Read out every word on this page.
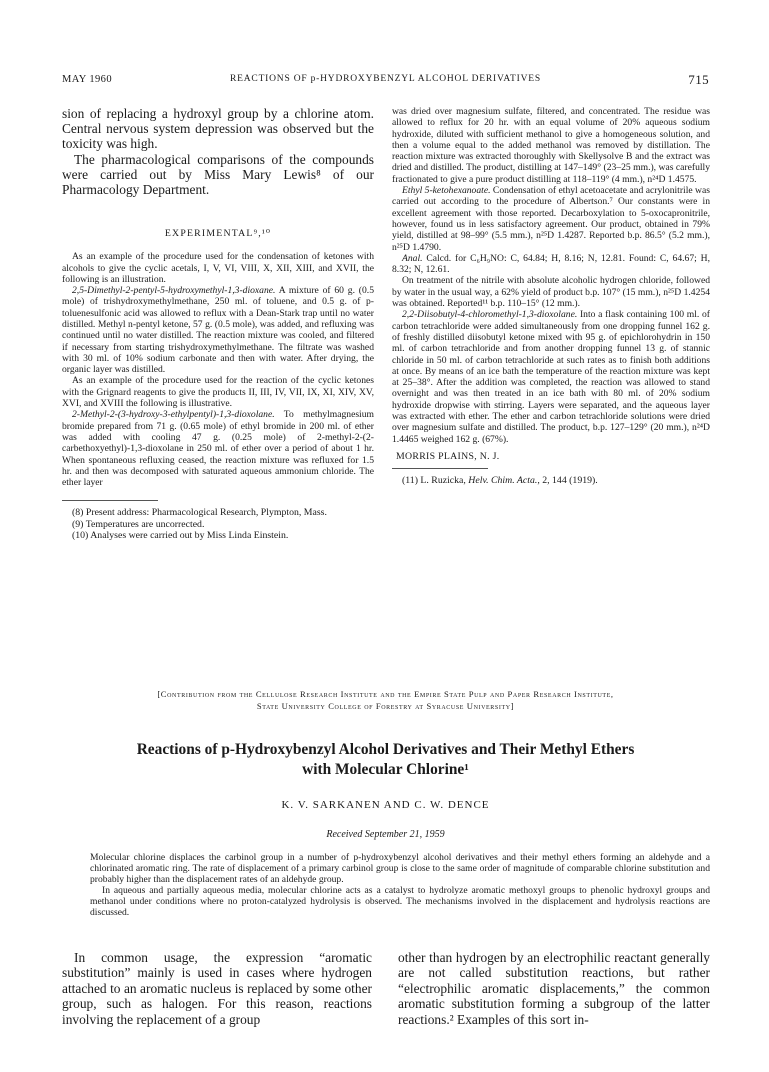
MAY 1960	REACTIONS OF p-HYDROXYBENZYL ALCOHOL DERIVATIVES	715

sion of replacing a hydroxyl group by a chlorine atom. Central nervous system depression was observed but the toxicity was high.

The pharmacological comparisons of the compounds were carried out by Miss Mary Lewis⁸ of our Pharmacology Department.

EXPERIMENTAL⁹,¹⁰

As an example of the procedure used for the condensation of ketones with alcohols to give the cyclic acetals, I, V, VI, VIII, X, XII, XIII, and XVII, the following is an illustration.

2,5-Dimethyl-2-pentyl-5-hydroxymethyl-1,3-dioxane. A mixture of 60 g. (0.5 mole) of trishydroxymethylmethane, 250 ml. of toluene, and 0.5 g. of p-toluenesulfonic acid was allowed to reflux with a Dean-Stark trap until no water distilled. Methyl n-pentyl ketone, 57 g. (0.5 mole), was added, and refluxing was continued until no water distilled. The reaction mixture was cooled, and filtered if necessary from starting trishydroxymethylmethane. The filtrate was washed with 30 ml. of 10% sodium carbonate and then with water. After drying, the organic layer was distilled.

As an example of the procedure used for the reaction of the cyclic ketones with the Grignard reagents to give the products II, III, IV, VII, IX, XI, XIV, XV, XVI, and XVIII the following is illustrative.

2-Methyl-2-(3-hydroxy-3-ethylpentyl)-1,3-dioxolane. To methylmagnesium bromide prepared from 71 g. (0.65 mole) of ethyl bromide in 200 ml. of ether was added with cooling 47 g. (0.25 mole) of 2-methyl-2-(2-carbethoxyethyl)-1,3-dioxolane in 250 ml. of ether over a period of about 1 hr. When spontaneous refluxing ceased, the reaction mixture was refluxed for 1.5 hr. and then was decomposed with saturated aqueous ammonium chloride. The ether layer

(8) Present address: Pharmacological Research, Plympton, Mass.

(9) Temperatures are uncorrected.

(10) Analyses were carried out by Miss Linda Einstein.

was dried over magnesium sulfate, filtered, and concentrated. The residue was allowed to reflux for 20 hr. with an equal volume of 20% aqueous sodium hydroxide, diluted with sufficient methanol to give a homogeneous solution, and then a volume equal to the added methanol was removed by distillation. The reaction mixture was extracted thoroughly with Skellysolve B and the extract was dried and distilled. The product, distilling at 147–149° (23–25 mm.), was carefully fractionated to give a pure product distilling at 118–119° (4 mm.), n²⁴D 1.4575.

Ethyl 5-ketohexanoate. Condensation of ethyl acetoacetate and acrylonitrile was carried out according to the procedure of Albertson.⁷ Our constants were in excellent agreement with those reported. Decarboxylation to 5-oxocapronitrile, however, found us in less satisfactory agreement. Our product, obtained in 79% yield, distilled at 98–99° (5.5 mm.), n²⁵D 1.4287. Reported b.p. 86.5° (5.2 mm.), n²⁵D 1.4790.

Anal. Calcd. for C₆H₉NO: C, 64.84; H, 8.16; N, 12.81. Found: C, 64.67; H, 8.32; N, 12.61.

On treatment of the nitrile with absolute alcoholic hydrogen chloride, followed by water in the usual way, a 62% yield of product b.p. 107° (15 mm.), n²⁵D 1.4254 was obtained. Reported¹¹ b.p. 110–15° (12 mm.).

2,2-Diisobutyl-4-chloromethyl-1,3-dioxolane. Into a flask containing 100 ml. of carbon tetrachloride were added simultaneously from one dropping funnel 162 g. of freshly distilled diisobutyl ketone mixed with 95 g. of epichlorohydrin in 150 ml. of carbon tetrachloride and from another dropping funnel 13 g. of stannic chloride in 50 ml. of carbon tetrachloride at such rates as to finish both additions at once. By means of an ice bath the temperature of the reaction mixture was kept at 25–38°. After the addition was completed, the reaction was allowed to stand overnight and was then treated in an ice bath with 80 ml. of 20% sodium hydroxide dropwise with stirring. Layers were separated, and the aqueous layer was extracted with ether. The ether and carbon tetrachloride solutions were dried over magnesium sulfate and distilled. The product, b.p. 127–129° (20 mm.), n²⁴D 1.4465 weighed 162 g. (67%).

MORRIS PLAINS, N. J.

(11) L. Ruzicka, Helv. Chim. Acta., 2, 144 (1919).

[Contribution from the Cellulose Research Institute and the Empire State Pulp and Paper Research Institute,
State University College of Forestry at Syracuse University]
Reactions of p-Hydroxybenzyl Alcohol Derivatives and Their Methyl Ethers
with Molecular Chlorine¹
K. V. SARKANEN AND C. W. DENCE
Received September 21, 1959

Molecular chlorine displaces the carbinol group in a number of p-hydroxybenzyl alcohol derivatives and their methyl ethers forming an aldehyde and a chlorinated aromatic ring. The rate of displacement of a primary carbinol group is close to the same order of magnitude of comparable chlorine substitution and probably higher than the displacement rates of an aldehyde group.

In aqueous and partially aqueous media, molecular chlorine acts as a catalyst to hydrolyze aromatic methoxyl groups to phenolic hydroxyl groups and methanol under conditions where no proton-catalyzed hydrolysis is observed. The mechanisms involved in the displacement and hydrolysis reactions are discussed.

In common usage, the expression “aromatic substitution” mainly is used in cases where hydrogen attached to an aromatic nucleus is replaced by some other group, such as halogen. For this reason, reactions involving the replacement of a group

other than hydrogen by an electrophilic reactant generally are not called substitution reactions, but rather “electrophilic aromatic displacements,” the common aromatic substitution forming a subgroup of the latter reactions.² Examples of this sort in-
